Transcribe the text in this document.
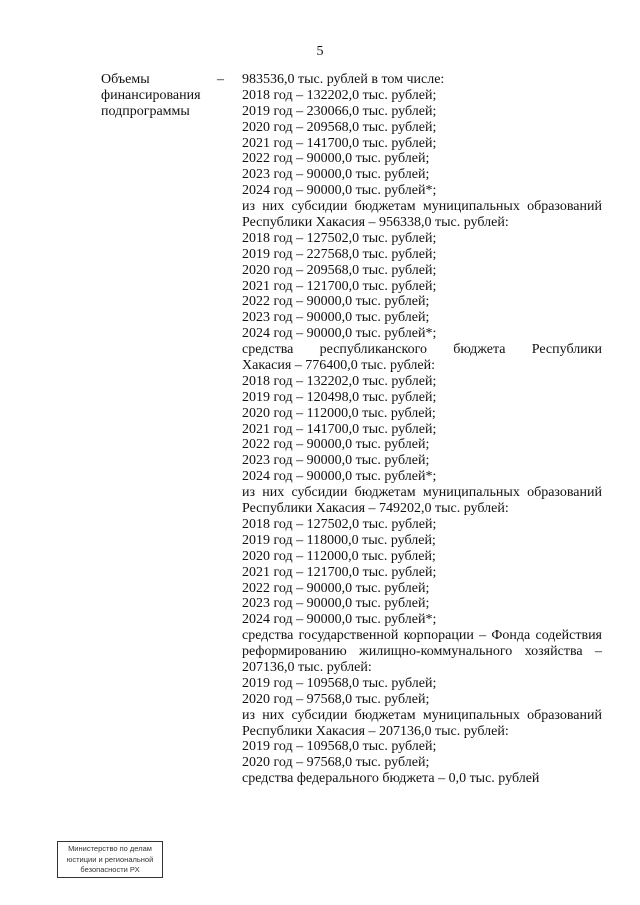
5
Объемы
финансирования
подпрограммы
– 983536,0 тыс. рублей в том числе:
2018 год – 132202,0 тыс. рублей;
2019 год – 230066,0 тыс. рублей;
2020 год – 209568,0 тыс. рублей;
2021 год – 141700,0 тыс. рублей;
2022 год – 90000,0 тыс. рублей;
2023 год – 90000,0 тыс. рублей;
2024 год – 90000,0 тыс. рублей*;
из них субсидии бюджетам муниципальных образований
Республики Хакасия – 956338,0 тыс. рублей:
2018 год – 127502,0 тыс. рублей;
2019 год – 227568,0 тыс. рублей;
2020 год – 209568,0 тыс. рублей;
2021 год – 121700,0 тыс. рублей;
2022 год – 90000,0 тыс. рублей;
2023 год – 90000,0 тыс. рублей;
2024 год – 90000,0 тыс. рублей*;
средства республиканского бюджета Республики
Хакасия – 776400,0 тыс. рублей:
2018 год – 132202,0 тыс. рублей;
2019 год – 120498,0 тыс. рублей;
2020 год – 112000,0 тыс. рублей;
2021 год – 141700,0 тыс. рублей;
2022 год – 90000,0 тыс. рублей;
2023 год – 90000,0 тыс. рублей;
2024 год – 90000,0 тыс. рублей*;
из них субсидии бюджетам муниципальных образований
Республики Хакасия – 749202,0 тыс. рублей:
2018 год – 127502,0 тыс. рублей;
2019 год – 118000,0 тыс. рублей;
2020 год – 112000,0 тыс. рублей;
2021 год – 121700,0 тыс. рублей;
2022 год – 90000,0 тыс. рублей;
2023 год – 90000,0 тыс. рублей;
2024 год – 90000,0 тыс. рублей*;
средства государственной корпорации – Фонда содействия
реформированию жилищно-коммунального хозяйства –
207136,0 тыс. рублей:
2019 год – 109568,0 тыс. рублей;
2020 год – 97568,0 тыс. рублей;
из них субсидии бюджетам муниципальных образований
Республики Хакасия – 207136,0 тыс. рублей:
2019 год – 109568,0 тыс. рублей;
2020 год – 97568,0 тыс. рублей;
средства федерального бюджета – 0,0 тыс. рублей
Министерство по делам
юстиции и региональной
безопасности РХ
